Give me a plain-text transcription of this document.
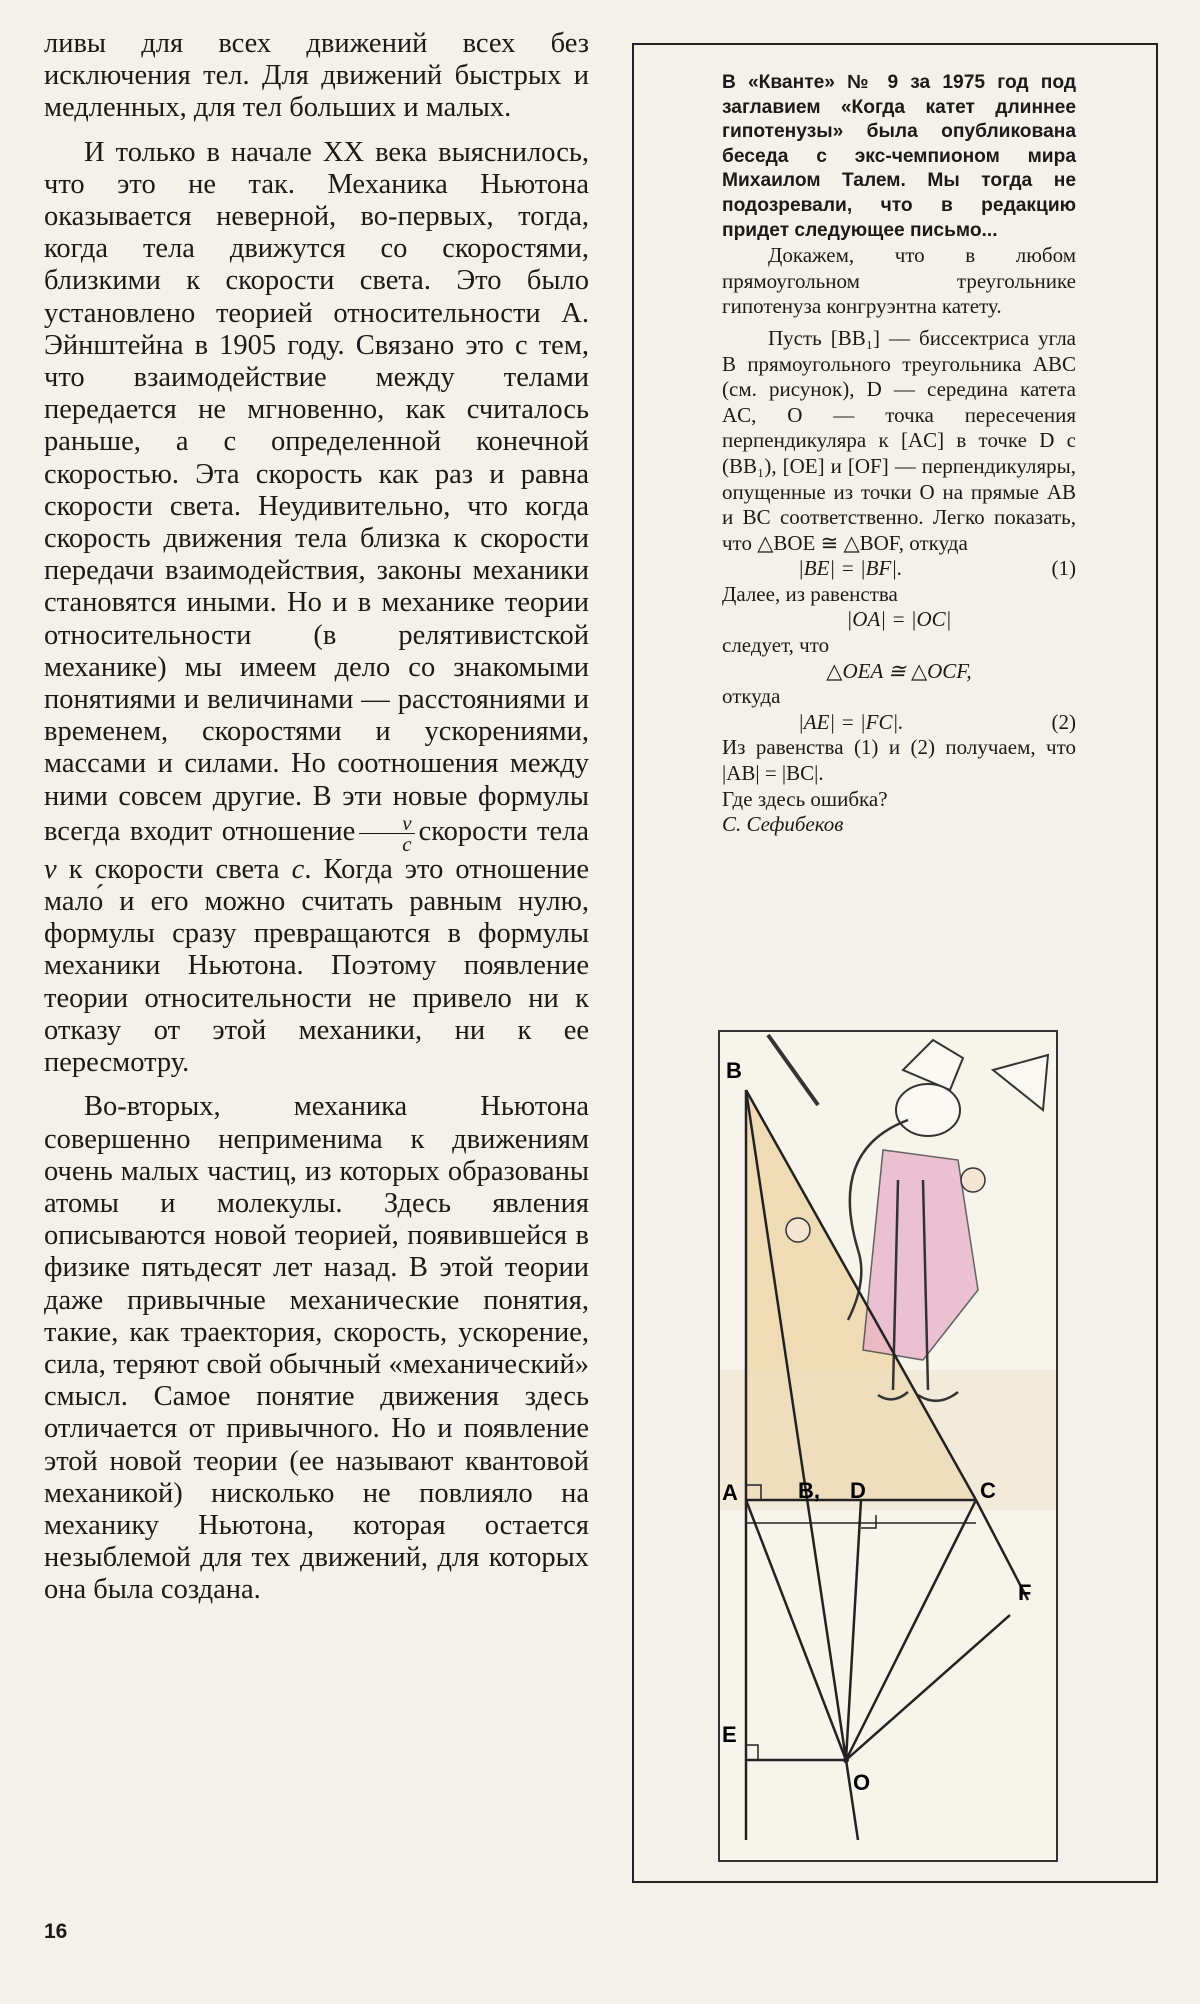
ливы для всех движений всех без исключения тел. Для движений быстрых и медленных, для тел больших и малых.

И только в начале XX века выяснилось, что это не так. Механика Ньютона оказывается неверной, во-первых, тогда, когда тела движутся со скоростями, близкими к скорости света. Это было установлено теорией относительности А. Эйнштейна в 1905 году. Связано это с тем, что взаимодействие между телами передается не мгновенно, как считалось раньше, а с определенной конечной скоростью. Эта скорость как раз и равна скорости света. Неудивительно, что когда скорость движения тела близка к скорости передачи взаимодействия, законы механики становятся иными. Но и в механике теории относительности (в релятивистской механике) мы имеем дело со знакомыми понятиями и величинами — расстояниями и временем, скоростями и ускорениями, массами и силами. Но соотношения между ними совсем другие. В эти новые формулы всегда входит отношение $\frac{v}{c}$ скорости тела v к скорости света c. Когда это отношение мало́ и его можно считать равным нулю, формулы сразу превращаются в формулы механики Ньютона. Поэтому появление теории относительности не привело ни к отказу от этой механики, ни к ее пересмотру.

Во-вторых, механика Ньютона совершенно неприменима к движениям очень малых частиц, из которых образованы атомы и молекулы. Здесь явления описываются новой теорией, появившейся в физике пятьдесят лет назад. В этой теории даже привычные механические понятия, такие, как траектория, скорость, ускорение, сила, теряют свой обычный «механический» смысл. Самое понятие движения здесь отличается от привычного. Но и появление этой новой теории (ее называют квантовой механикой) нисколько не повлияло на механику Ньютона, которая остается незыблемой для тех движений, для которых она была создана.

В «Кванте» № 9 за 1975 год под заглавием «Когда катет длиннее гипотенузы» была опубликована беседа с экс-чемпионом мира Михаилом Талем. Мы тогда не подозревали, что в редакцию придет следующее письмо...

Докажем, что в любом прямоугольном треугольнике гипотенуза конгруэнтна катету.

Пусть [BB₁] — биссектриса угла B прямоугольного треугольника ABC (см. рисунок), D — середина катета AC, O — точка пересечения перпендикуляра к [AC] в точке D с (BB₁), [OE] и [OF] — перпендикуляры, опущенные из точки O на прямые AB и BC соответственно. Легко показать, что △BOE ≅ △BOF, откуда

|BE| = |BF|.	(1)

Далее, из равенства

|OA| = |OC|

следует, что

△OEA ≅ △OCF,

откуда

|AE| = |FC|.	(2)

Из равенства (1) и (2) получаем, что |AB| = |BC|.

Где здесь ошибка?

С. Сефибеков

B
A	B, D	C
F
E
O
16
